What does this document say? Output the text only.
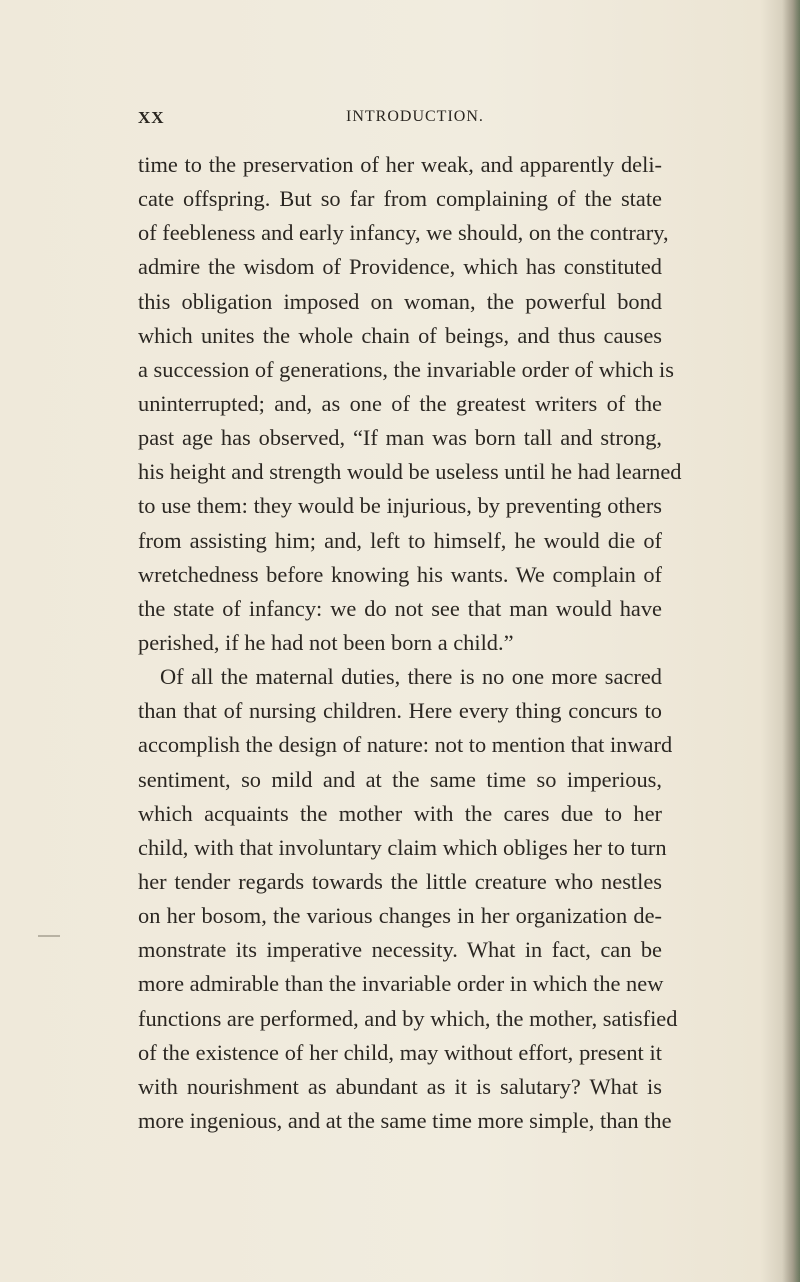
XX	INTRODUCTION.
time to the preservation of her weak, and apparently deli-
cate offspring. But so far from complaining of the state
of feebleness and early infancy, we should, on the contrary,
admire the wisdom of Providence, which has constituted
this obligation imposed on woman, the powerful bond
which unites the whole chain of beings, and thus causes
a succession of generations, the invariable order of which is
uninterrupted; and, as one of the greatest writers of the
past age has observed, “If man was born tall and strong,
his height and strength would be useless until he had learned
to use them: they would be injurious, by preventing others
from assisting him; and, left to himself, he would die of
wretchedness before knowing his wants. We complain of
the state of infancy: we do not see that man would have
perished, if he had not been born a child.”
Of all the maternal duties, there is no one more sacred
than that of nursing children. Here every thing concurs to
accomplish the design of nature: not to mention that inward
sentiment, so mild and at the same time so imperious,
which acquaints the mother with the cares due to her
child, with that involuntary claim which obliges her to turn
her tender regards towards the little creature who nestles
on her bosom, the various changes in her organization de-
monstrate its imperative necessity. What in fact, can be
more admirable than the invariable order in which the new
functions are performed, and by which, the mother, satisfied
of the existence of her child, may without effort, present it
with nourishment as abundant as it is salutary? What is
more ingenious, and at the same time more simple, than the
